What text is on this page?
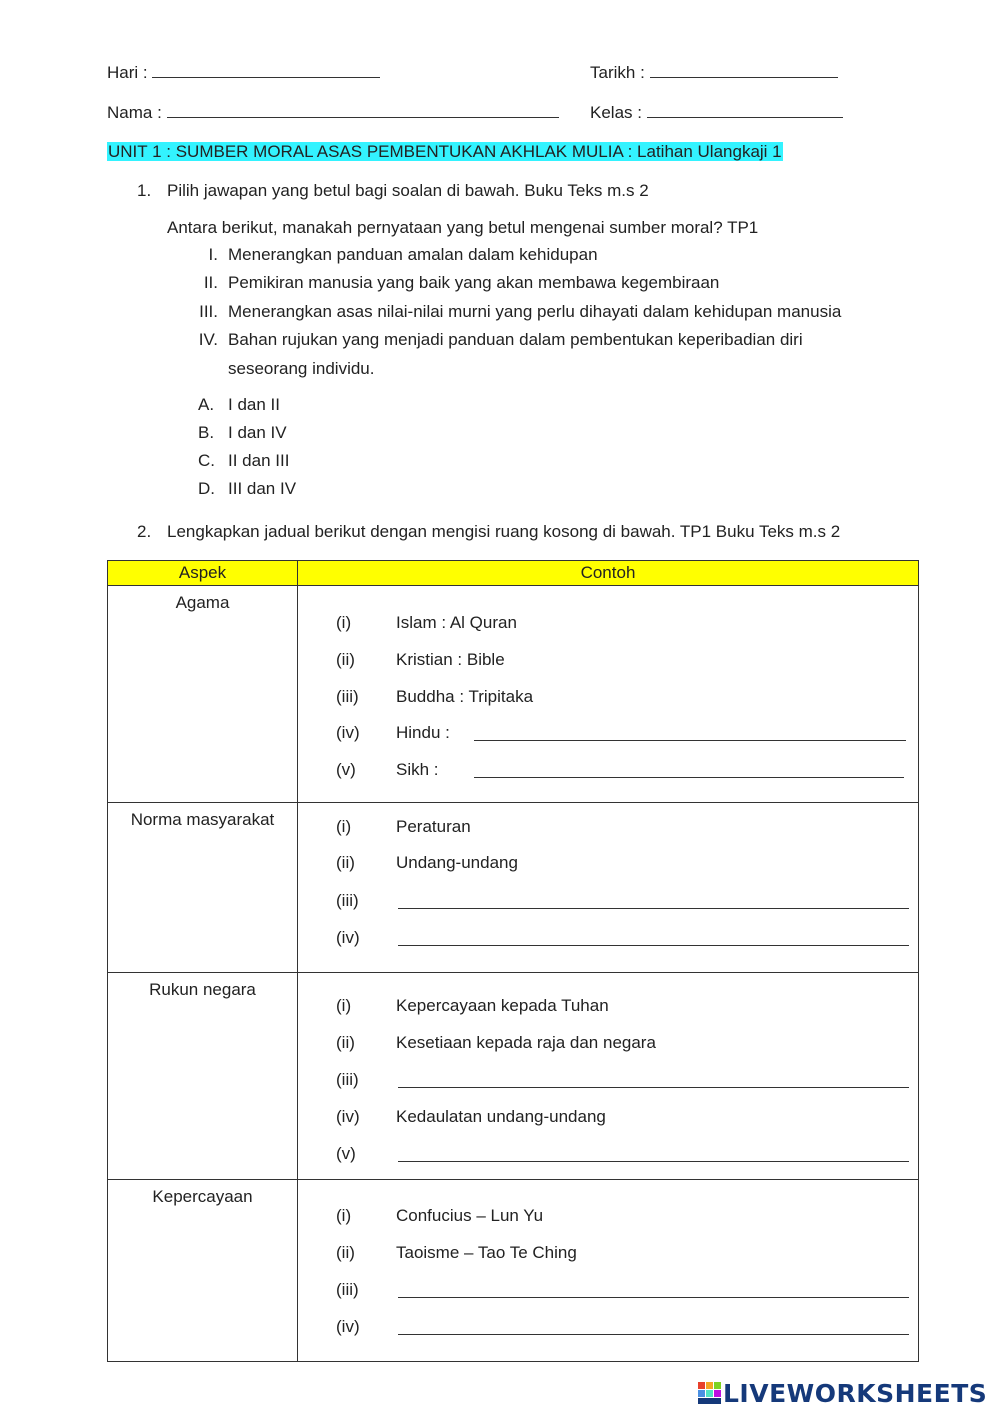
Hari :	Tarikh :
Nama :	Kelas :
UNIT 1 : SUMBER MORAL ASAS PEMBENTUKAN AKHLAK MULIA : Latihan Ulangkaji 1
1. Pilih jawapan yang betul bagi soalan di bawah. Buku Teks m.s 2
Antara berikut, manakah pernyataan yang betul mengenai sumber moral? TP1
I. Menerangkan panduan amalan dalam kehidupan
II. Pemikiran manusia yang baik yang akan membawa kegembiraan
III. Menerangkan asas nilai-nilai murni yang perlu dihayati dalam kehidupan manusia
IV. Bahan rujukan yang menjadi panduan dalam pembentukan keperibadian diri
seseorang individu.
A. I dan II
B. I dan IV
C. II dan III
D. III dan IV
2. Lengkapkan jadual berikut dengan mengisi ruang kosong di bawah. TP1 Buku Teks m.s 2
Aspek	Contoh
Agama	(i) Islam : Al Quran
(ii) Kristian : Bible
(iii) Buddha : Tripitaka
(iv) Hindu :
(v) Sikh :

Norma masyarakat	(i) Peraturan
(ii) Undang-undang
(iii)
(iv)

Rukun negara	(i) Kepercayaan kepada Tuhan
(ii) Kesetiaan kepada raja dan negara
(iii)
(iv) Kedaulatan undang-undang
(v)

Kepercayaan	(i) Confucius – Lun Yu
(ii) Taoisme – Tao Te Ching
(iii)
(iv)
LIVEWORKSHEETS
